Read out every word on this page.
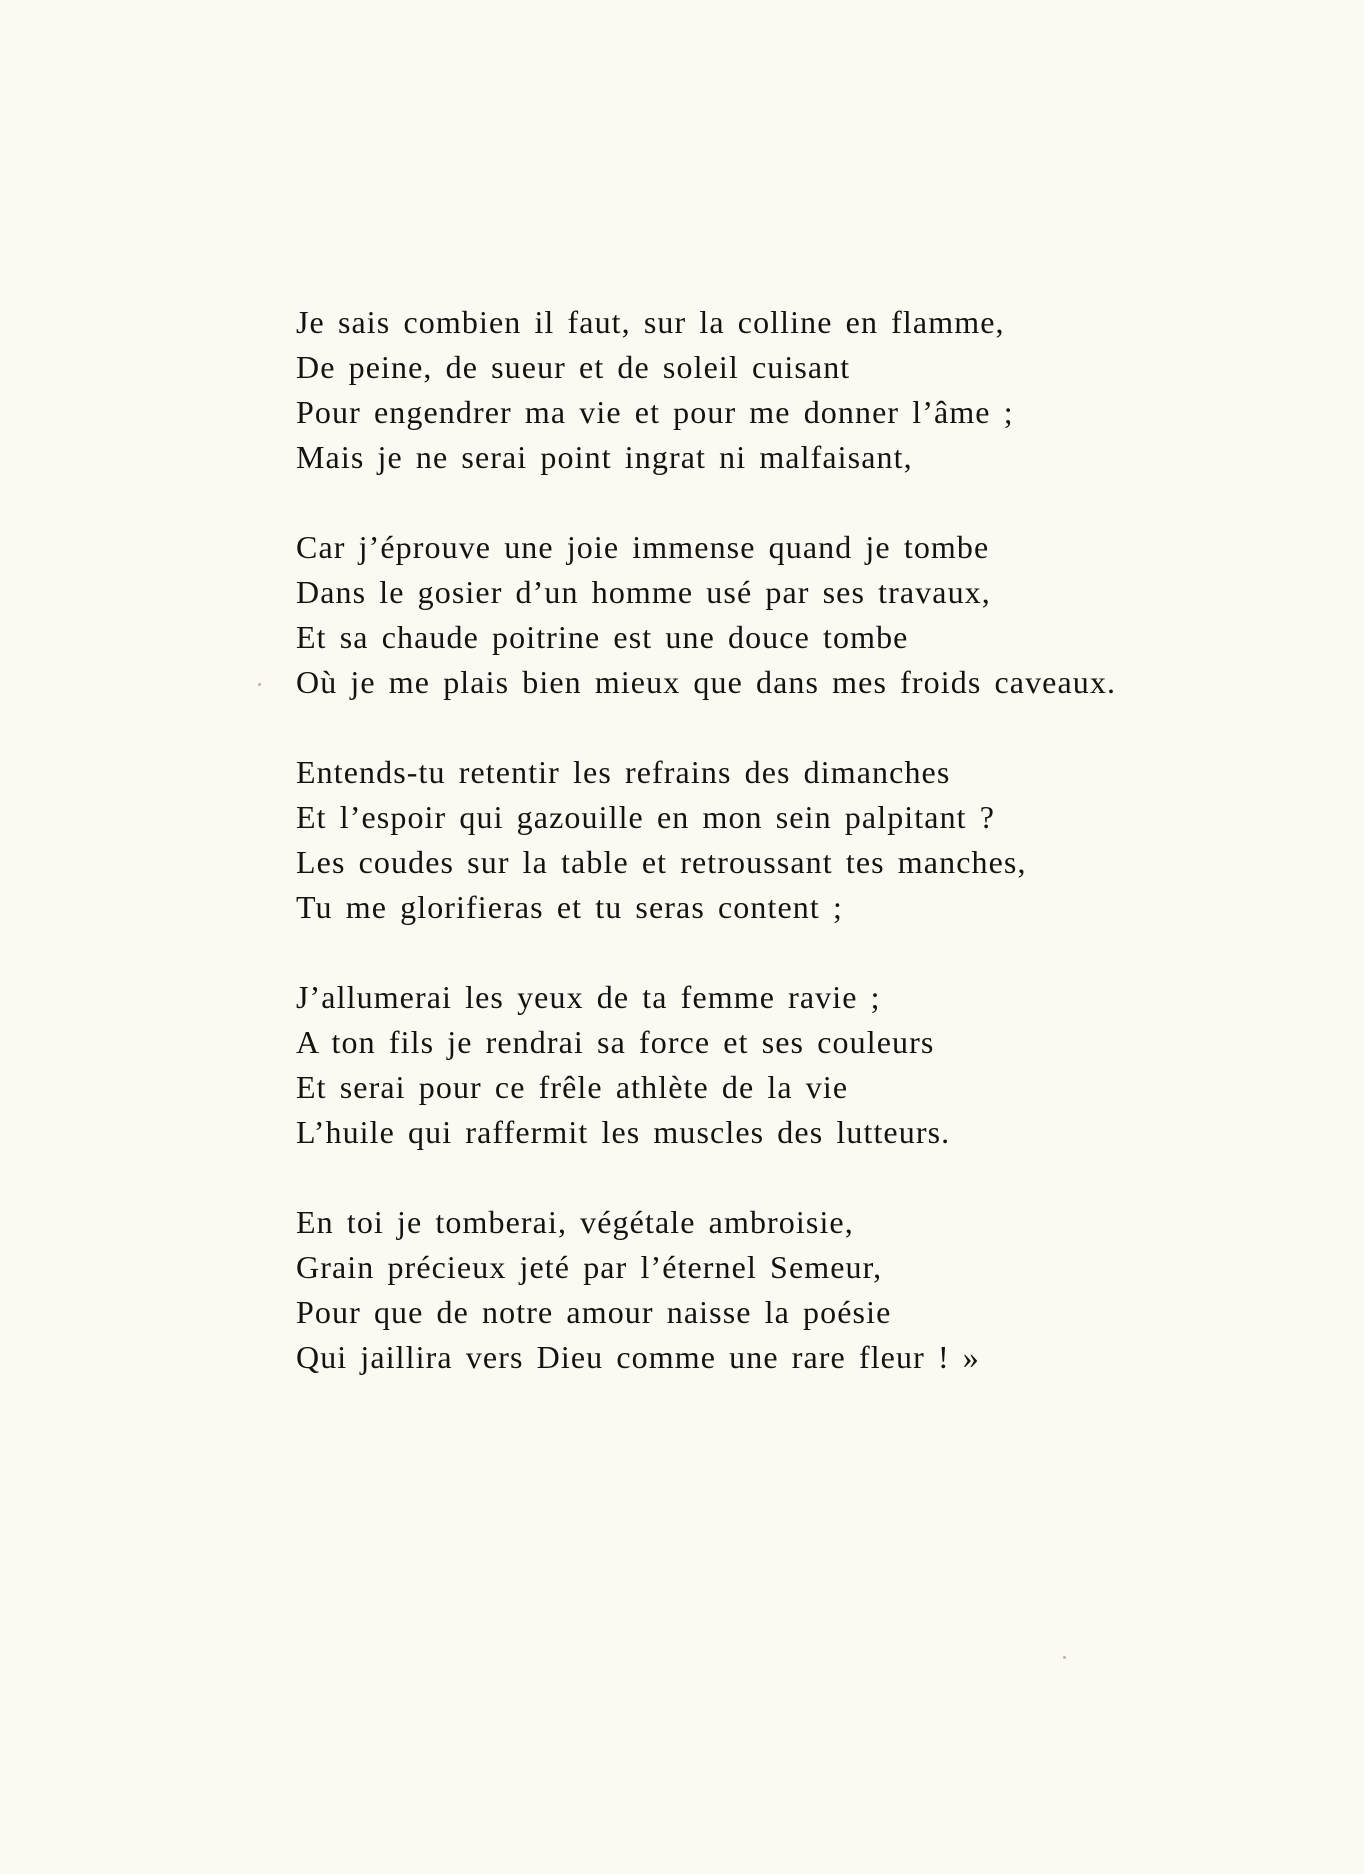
Je sais combien il faut, sur la colline en flamme,
De peine, de sueur et de soleil cuisant
Pour engendrer ma vie et pour me donner l’âme ;
Mais je ne serai point ingrat ni malfaisant,
Car j’éprouve une joie immense quand je tombe
Dans le gosier d’un homme usé par ses travaux,
Et sa chaude poitrine est une douce tombe
Où je me plais bien mieux que dans mes froids caveaux.
Entends-tu retentir les refrains des dimanches
Et l’espoir qui gazouille en mon sein palpitant ?
Les coudes sur la table et retroussant tes manches,
Tu me glorifieras et tu seras content ;
J’allumerai les yeux de ta femme ravie ;
A ton fils je rendrai sa force et ses couleurs
Et serai pour ce frêle athlète de la vie
L’huile qui raffermit les muscles des lutteurs.
En toi je tomberai, végétale ambroisie,
Grain précieux jeté par l’éternel Semeur,
Pour que de notre amour naisse la poésie
Qui jaillira vers Dieu comme une rare fleur ! »
